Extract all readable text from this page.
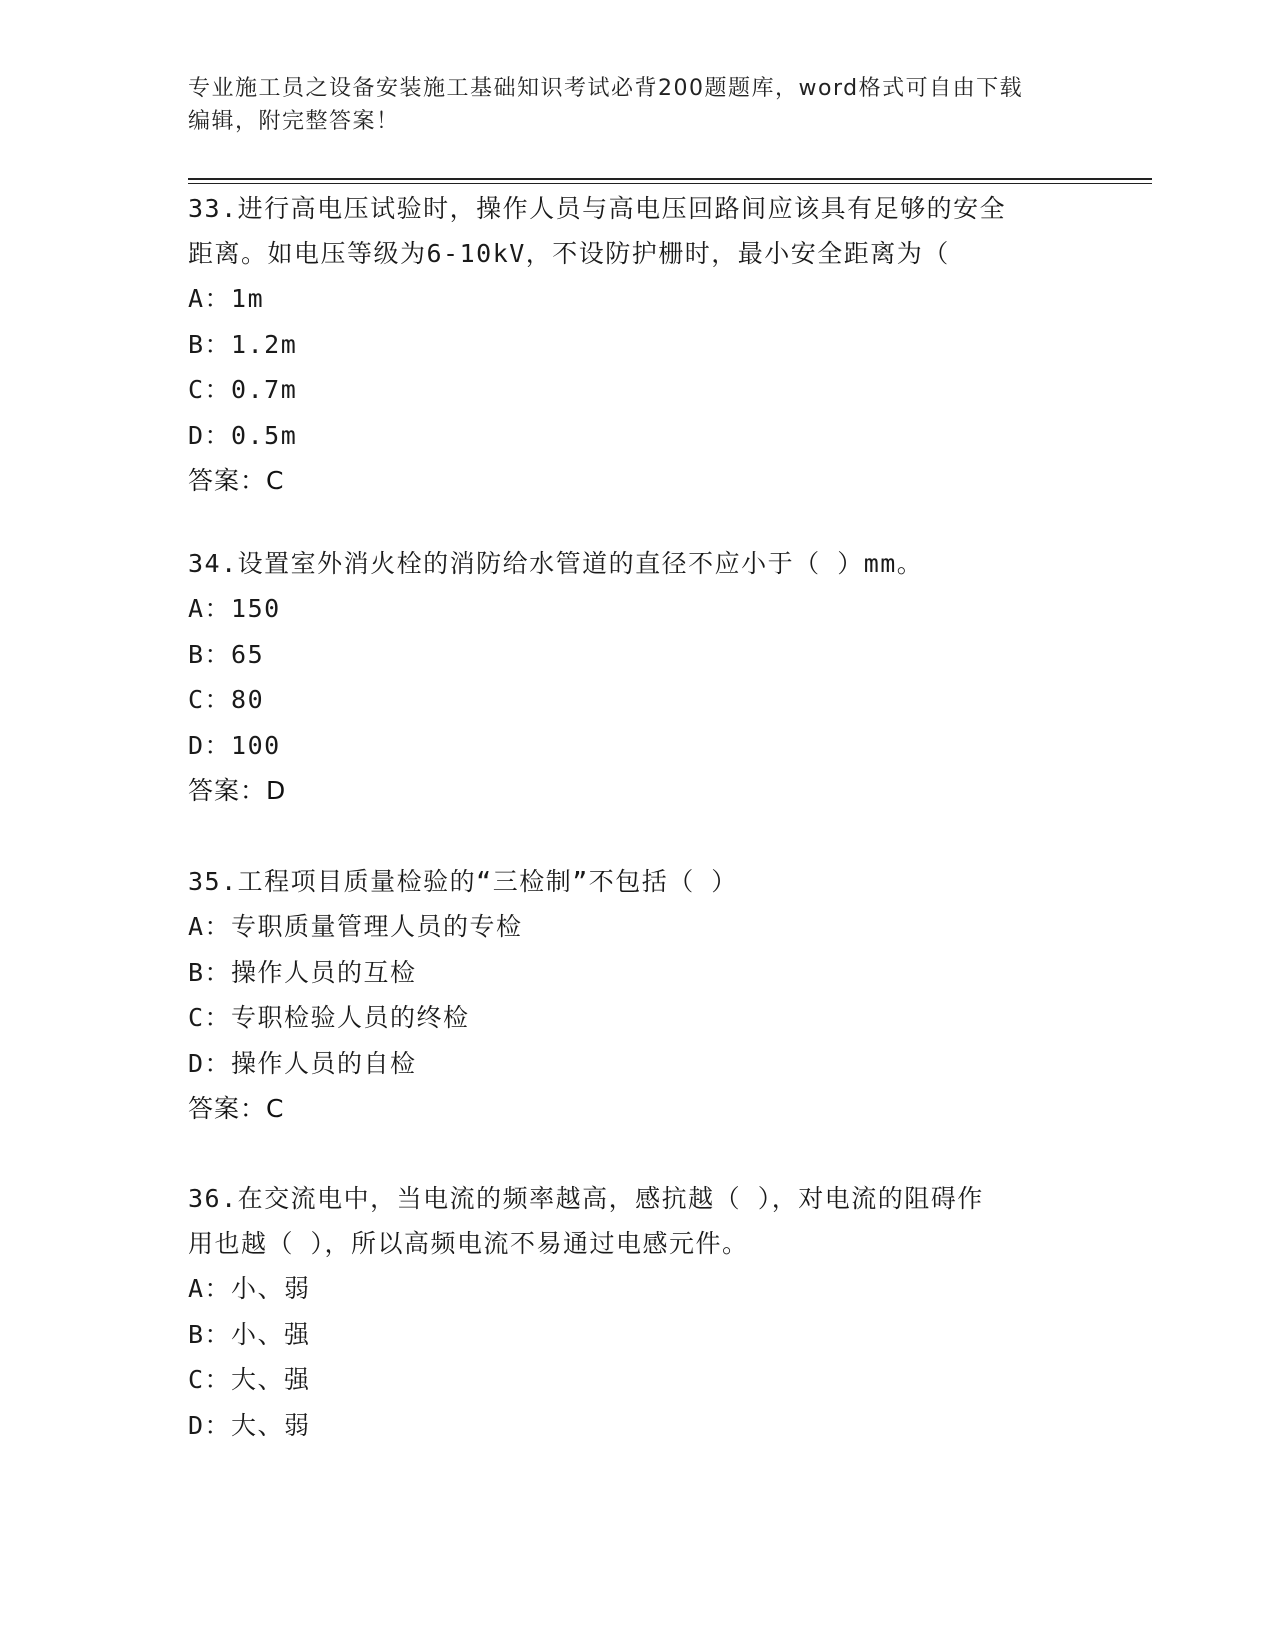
专业施工员之设备安装施工基础知识考试必背200题题库，word格式可自由下载
编辑，附完整答案！

33.进行高电压试验时，操作人员与高电压回路间应该具有足够的安全

距离。如电压等级为6-10kV，不设防护栅时，最小安全距离为（

A：1m

B：1.2m

C：0.7m

D：0.5m

答案：C

34.设置室外消火栓的消防给水管道的直径不应小于（ ）mm。

A：150

B：65

C：80

D：100

答案：D

35.工程项目质量检验的“三检制”不包括（ ）

A：专职质量管理人员的专检

B：操作人员的互检

C：专职检验人员的终检

D：操作人员的自检

答案：C

36.在交流电中，当电流的频率越高，感抗越（ ），对电流的阻碍作

用也越（ ），所以高频电流不易通过电感元件。

A：小、弱

B：小、强

C：大、强

D：大、弱
